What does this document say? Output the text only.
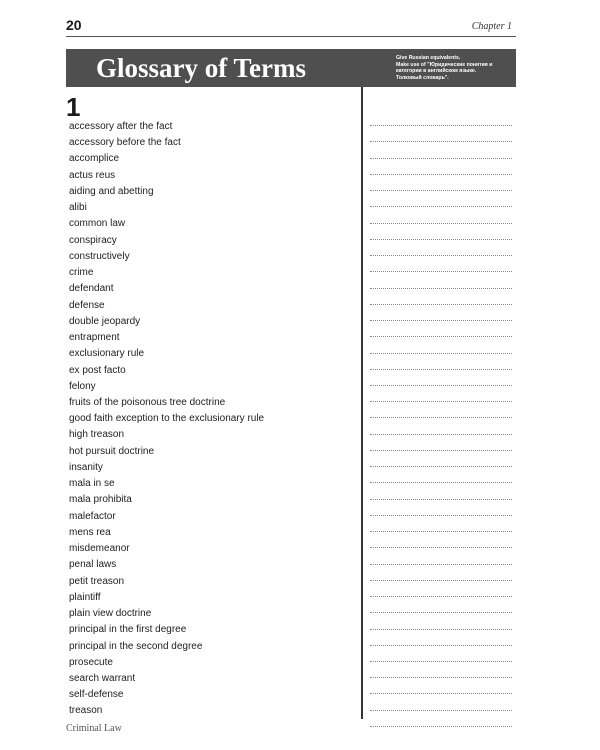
20	Chapter 1
Glossary of Terms	Give Russian equivalents.
Make use of "Юридические понятия и
категории в английском языке.
Толковый словарь".
1
accessory after the fact
accessory before the fact
accomplice
actus reus
aiding and abetting
alibi
common law
conspiracy
constructively
crime
defendant
defense
double jeopardy
entrapment
exclusionary rule
ex post facto
felony
fruits of the poisonous tree doctrine
good faith exception to the exclusionary rule
high treason
hot pursuit doctrine
insanity
mala in se
mala prohibita
malefactor
mens rea
misdemeanor
penal laws
petit treason
plaintiff
plain view doctrine
principal in the first degree
principal in the second degree
prosecute
search warrant
self-defense
treason
Criminal Law
